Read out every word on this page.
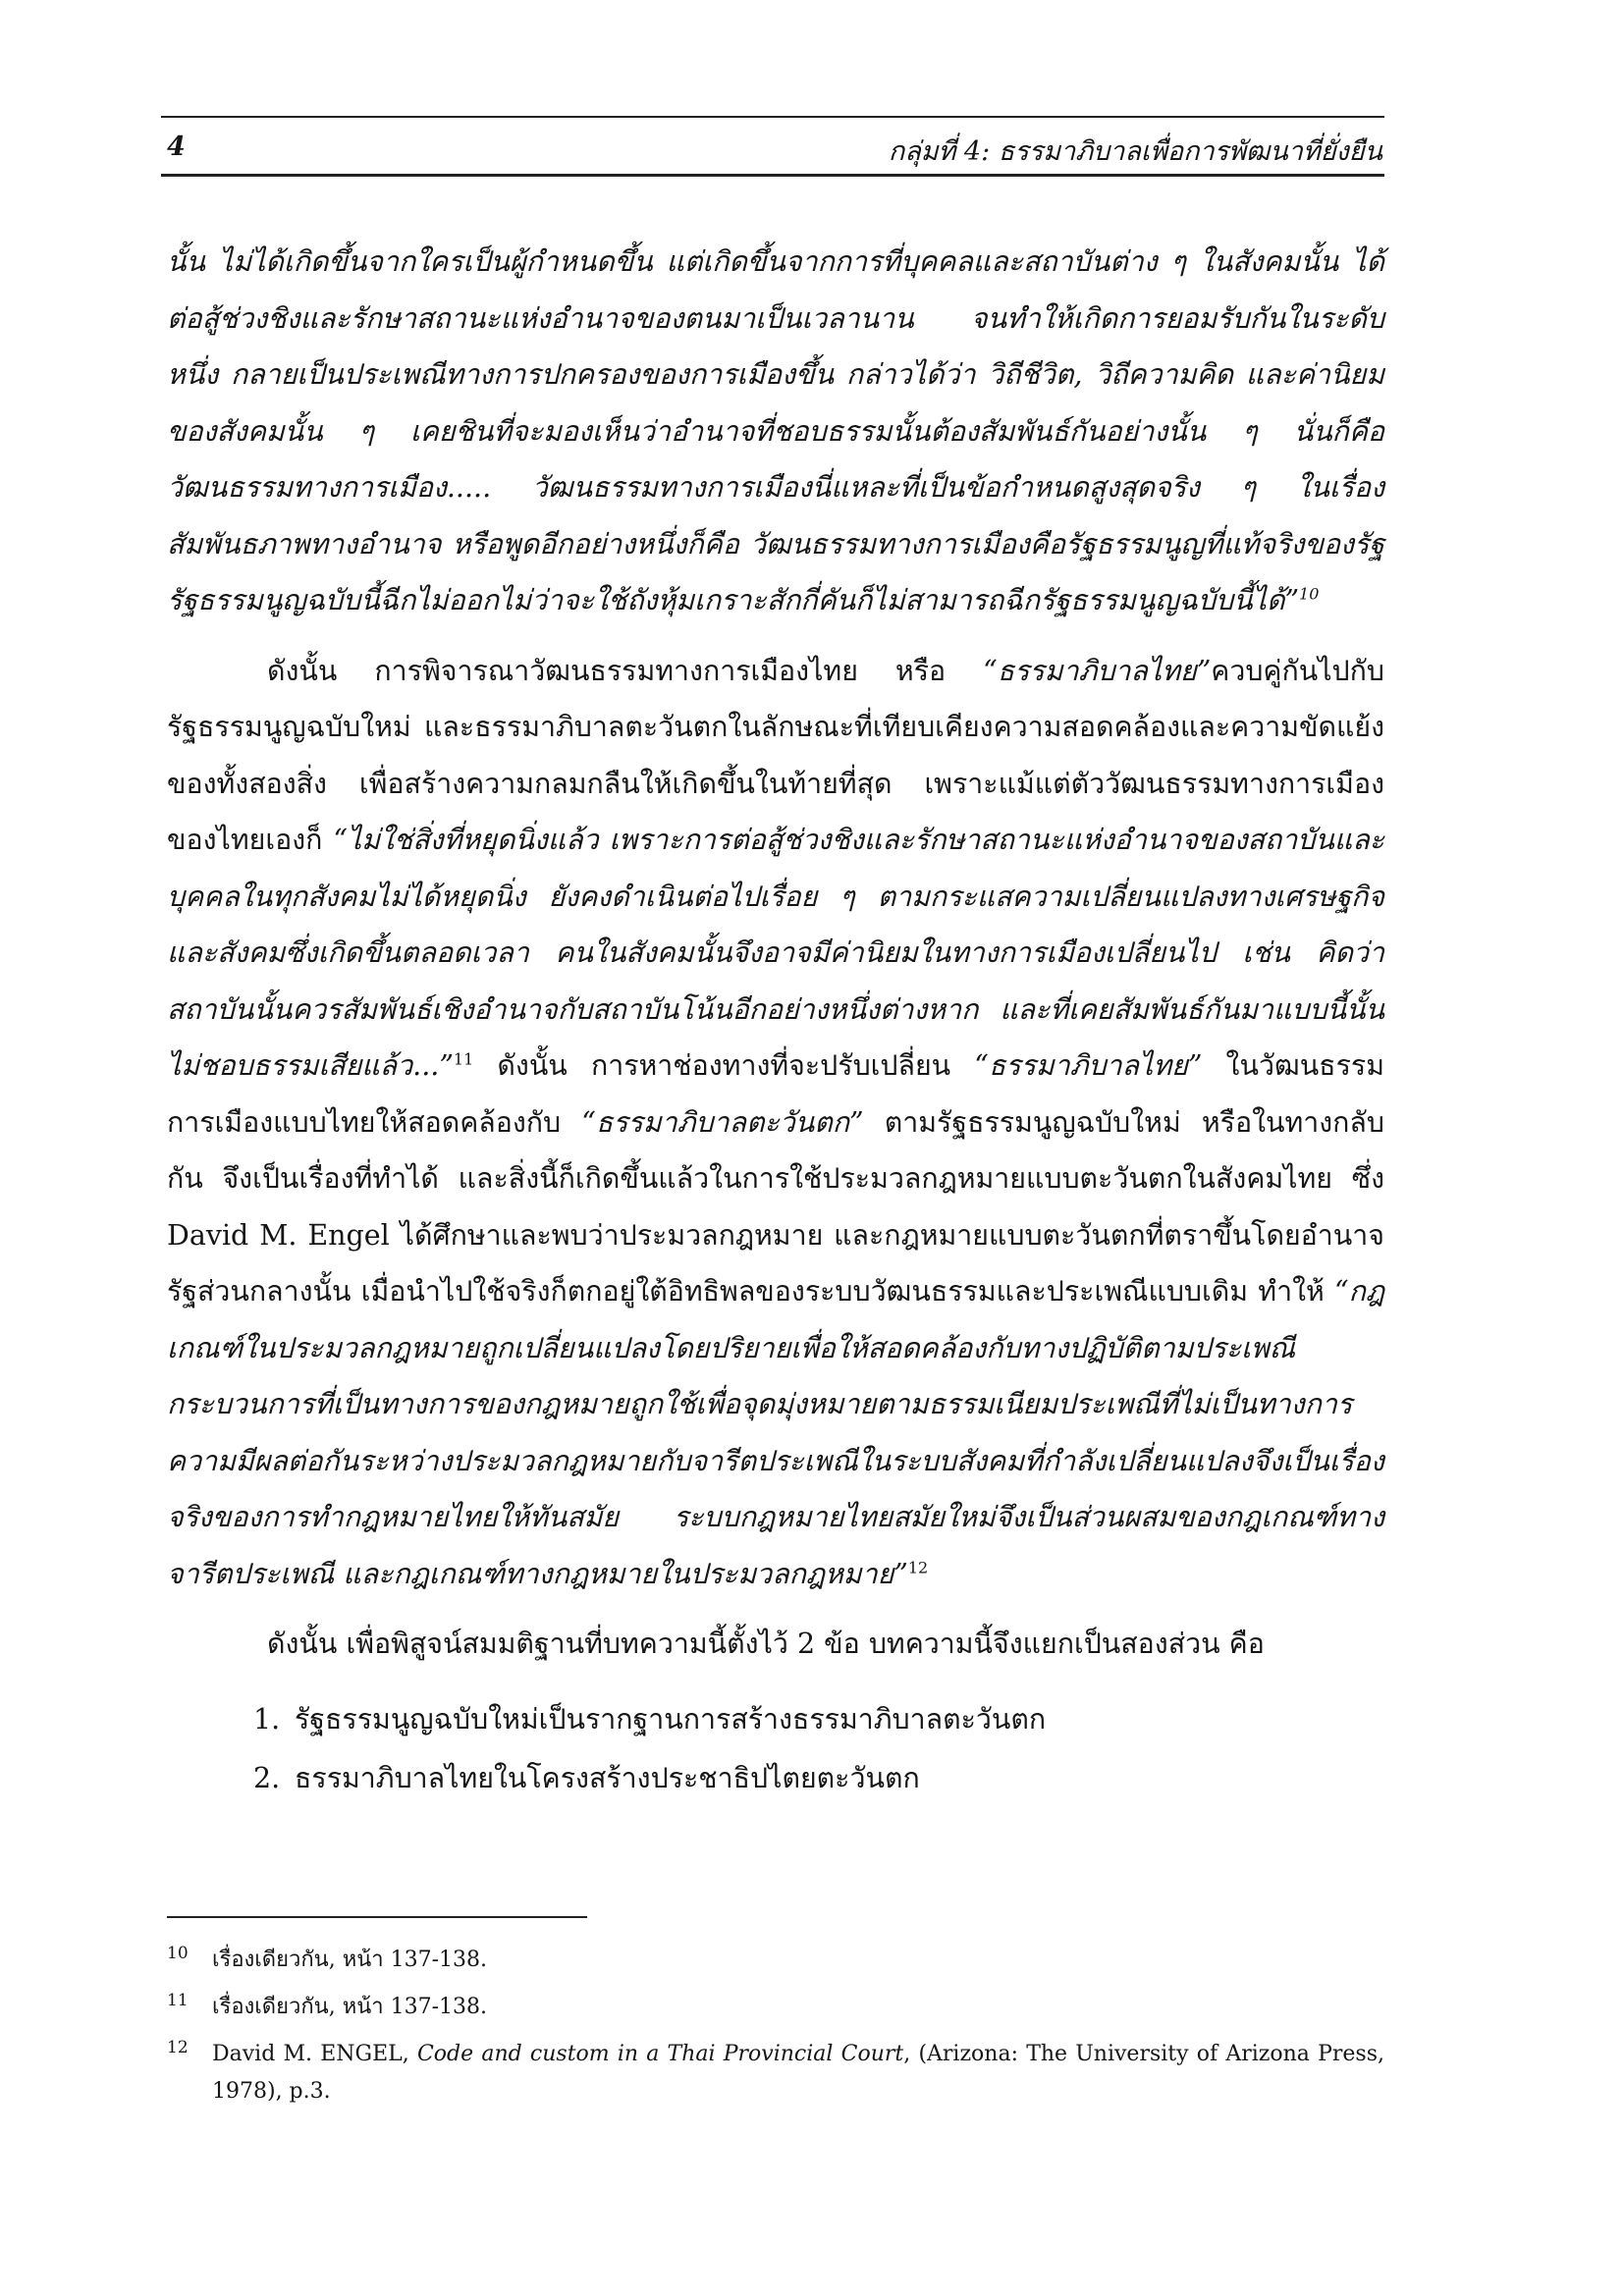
4	กลุ่มที่ 4: ธรรมาภิบาลเพื่อการพัฒนาที่ยั่งยืน

นั้น ไม่ได้เกิดขึ้นจากใครเป็นผู้กำหนดขึ้น แต่เกิดขึ้นจากการที่บุคคลและสถาบันต่าง ๆ ในสังคมนั้น ได้ต่อสู้ช่วงชิงและรักษาสถานะแห่งอำนาจของตนมาเป็นเวลานาน จนทำให้เกิดการยอมรับกันในระดับหนึ่ง กลายเป็นประเพณีทางการปกครองของการเมืองขึ้น กล่าวได้ว่า วิถีชีวิต, วิถีความคิด และค่านิยมของสังคมนั้น ๆ เคยชินที่จะมองเห็นว่าอำนาจที่ชอบธรรมนั้นต้องสัมพันธ์กันอย่างนั้น ๆ นั่นก็คือ วัฒนธรรมทางการเมือง..... วัฒนธรรมทางการเมืองนี่แหละที่เป็นข้อกำหนดสูงสุดจริง ๆ ในเรื่องสัมพันธภาพทางอำนาจ หรือพูดอีกอย่างหนึ่งก็คือ วัฒนธรรมทางการเมืองคือรัฐธรรมนูญที่แท้จริงของรัฐ รัฐธรรมนูญฉบับนี้ฉีกไม่ออกไม่ว่าจะใช้ถังหุ้มเกราะสักกี่คันก็ไม่สามารถฉีกรัฐธรรมนูญฉบับนี้ได้”$^{10}$

ดังนั้น การพิจารณาวัฒนธรรมทางการเมืองไทย หรือ “ธรรมาภิบาลไทย”ควบคู่กันไปกับรัฐธรรมนูญฉบับใหม่ และธรรมาภิบาลตะวันตกในลักษณะที่เทียบเคียงความสอดคล้องและความขัดแย้งของทั้งสองสิ่ง เพื่อสร้างความกลมกลืนให้เกิดขึ้นในท้ายที่สุด เพราะแม้แต่ตัววัฒนธรรมทางการเมืองของไทยเองก็ “ไม่ใช่สิ่งที่หยุดนิ่งแล้ว เพราะการต่อสู้ช่วงชิงและรักษาสถานะแห่งอำนาจของสถาบันและบุคคลในทุกสังคมไม่ได้หยุดนิ่ง ยังคงดำเนินต่อไปเรื่อย ๆ ตามกระแสความเปลี่ยนแปลงทางเศรษฐกิจและสังคมซึ่งเกิดขึ้นตลอดเวลา คนในสังคมนั้นจึงอาจมีค่านิยมในทางการเมืองเปลี่ยนไป เช่น คิดว่าสถาบันนั้นควรสัมพันธ์เชิงอำนาจกับสถาบันโน้นอีกอย่างหนึ่งต่างหาก และที่เคยสัมพันธ์กันมาแบบนี้นั้นไม่ชอบธรรมเสียแล้ว...”$^{11}$ ดังนั้น การหาช่องทางที่จะปรับเปลี่ยน “ธรรมาภิบาลไทย” ในวัฒนธรรมการเมืองแบบไทยให้สอดคล้องกับ “ธรรมาภิบาลตะวันตก” ตามรัฐธรรมนูญฉบับใหม่ หรือในทางกลับกัน จึงเป็นเรื่องที่ทำได้ และสิ่งนี้ก็เกิดขึ้นแล้วในการใช้ประมวลกฎหมายแบบตะวันตกในสังคมไทย ซึ่ง David M. Engel ได้ศึกษาและพบว่าประมวลกฎหมาย และกฎหมายแบบตะวันตกที่ตราขึ้นโดยอำนาจรัฐส่วนกลางนั้น เมื่อนำไปใช้จริงก็ตกอยู่ใต้อิทธิพลของระบบวัฒนธรรมและประเพณีแบบเดิม ทำให้ “กฎเกณฑ์ในประมวลกฎหมายถูกเปลี่ยนแปลงโดยปริยายเพื่อให้สอดคล้องกับทางปฏิบัติตามประเพณี กระบวนการที่เป็นทางการของกฎหมายถูกใช้เพื่อจุดมุ่งหมายตามธรรมเนียมประเพณีที่ไม่เป็นทางการ ความมีผลต่อกันระหว่างประมวลกฎหมายกับจารีตประเพณีในระบบสังคมที่กำลังเปลี่ยนแปลงจึงเป็นเรื่องจริงของการทำกฎหมายไทยให้ทันสมัย ระบบกฎหมายไทยสมัยใหม่จึงเป็นส่วนผสมของกฎเกณฑ์ทางจารีตประเพณี และกฎเกณฑ์ทางกฎหมายในประมวลกฎหมาย”$^{12}$

ดังนั้น เพื่อพิสูจน์สมมติฐานที่บทความนี้ตั้งไว้ 2 ข้อ บทความนี้จึงแยกเป็นสองส่วน คือ

1. รัฐธรรมนูญฉบับใหม่เป็นรากฐานการสร้างธรรมาภิบาลตะวันตก
2. ธรรมาภิบาลไทยในโครงสร้างประชาธิปไตยตะวันตก
10	เรื่องเดียวกัน, หน้า 137-138.
11	เรื่องเดียวกัน, หน้า 137-138.
12	David M. ENGEL, Code and custom in a Thai Provincial Court, (Arizona: The University of Arizona Press, 1978), p.3.
